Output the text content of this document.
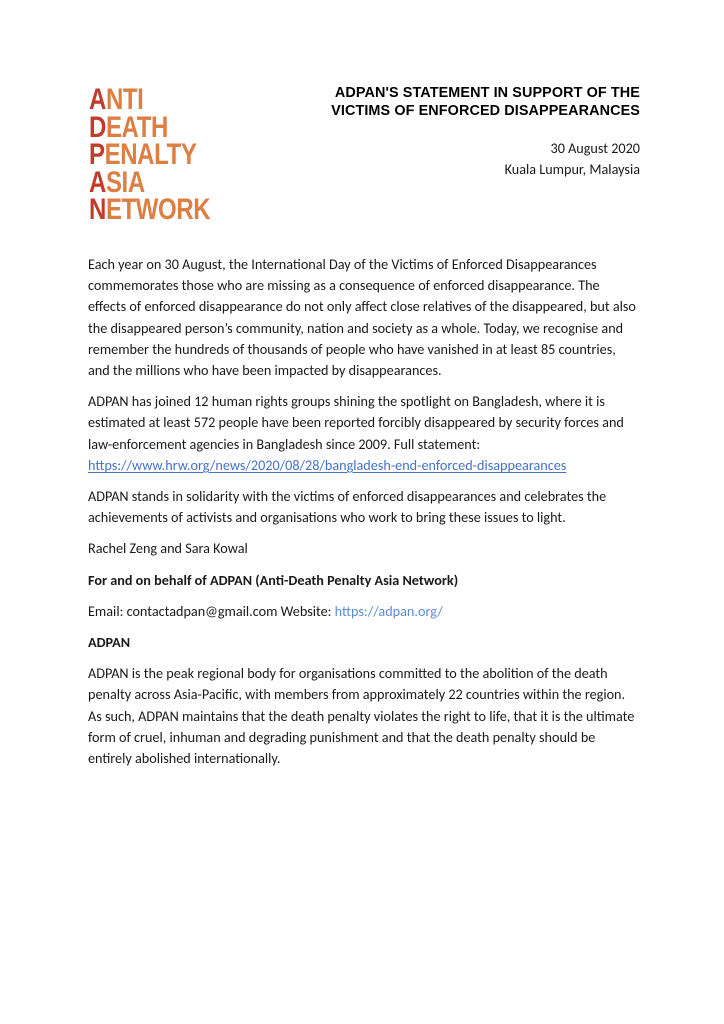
ANTI
DEATH
PENALTY
ASIA
NETWORK
ADPAN'S STATEMENT IN SUPPORT OF THE
VICTIMS OF ENFORCED DISAPPEARANCES
30 August 2020
Kuala Lumpur, Malaysia

Each year on 30 August, the International Day of the Victims of Enforced Disappearances commemorates those who are missing as a consequence of enforced disappearance. The effects of enforced disappearance do not only affect close relatives of the disappeared, but also the disappeared person’s community, nation and society as a whole. Today, we recognise and remember the hundreds of thousands of people who have vanished in at least 85 countries, and the millions who have been impacted by disappearances.

ADPAN has joined 12 human rights groups shining the spotlight on Bangladesh, where it is estimated at least 572 people have been reported forcibly disappeared by security forces and law-enforcement agencies in Bangladesh since 2009. Full statement:

https://www.hrw.org/news/2020/08/28/bangladesh-end-enforced-disappearances

ADPAN stands in solidarity with the victims of enforced disappearances and celebrates the achievements of activists and organisations who work to bring these issues to light.

Rachel Zeng and Sara Kowal

For and on behalf of ADPAN (Anti-Death Penalty Asia Network)

Email: contactadpan@gmail.com Website: https://adpan.org/

ADPAN

ADPAN is the peak regional body for organisations committed to the abolition of the death penalty across Asia-Pacific, with members from approximately 22 countries within the region. As such, ADPAN maintains that the death penalty violates the right to life, that it is the ultimate form of cruel, inhuman and degrading punishment and that the death penalty should be entirely abolished internationally.
